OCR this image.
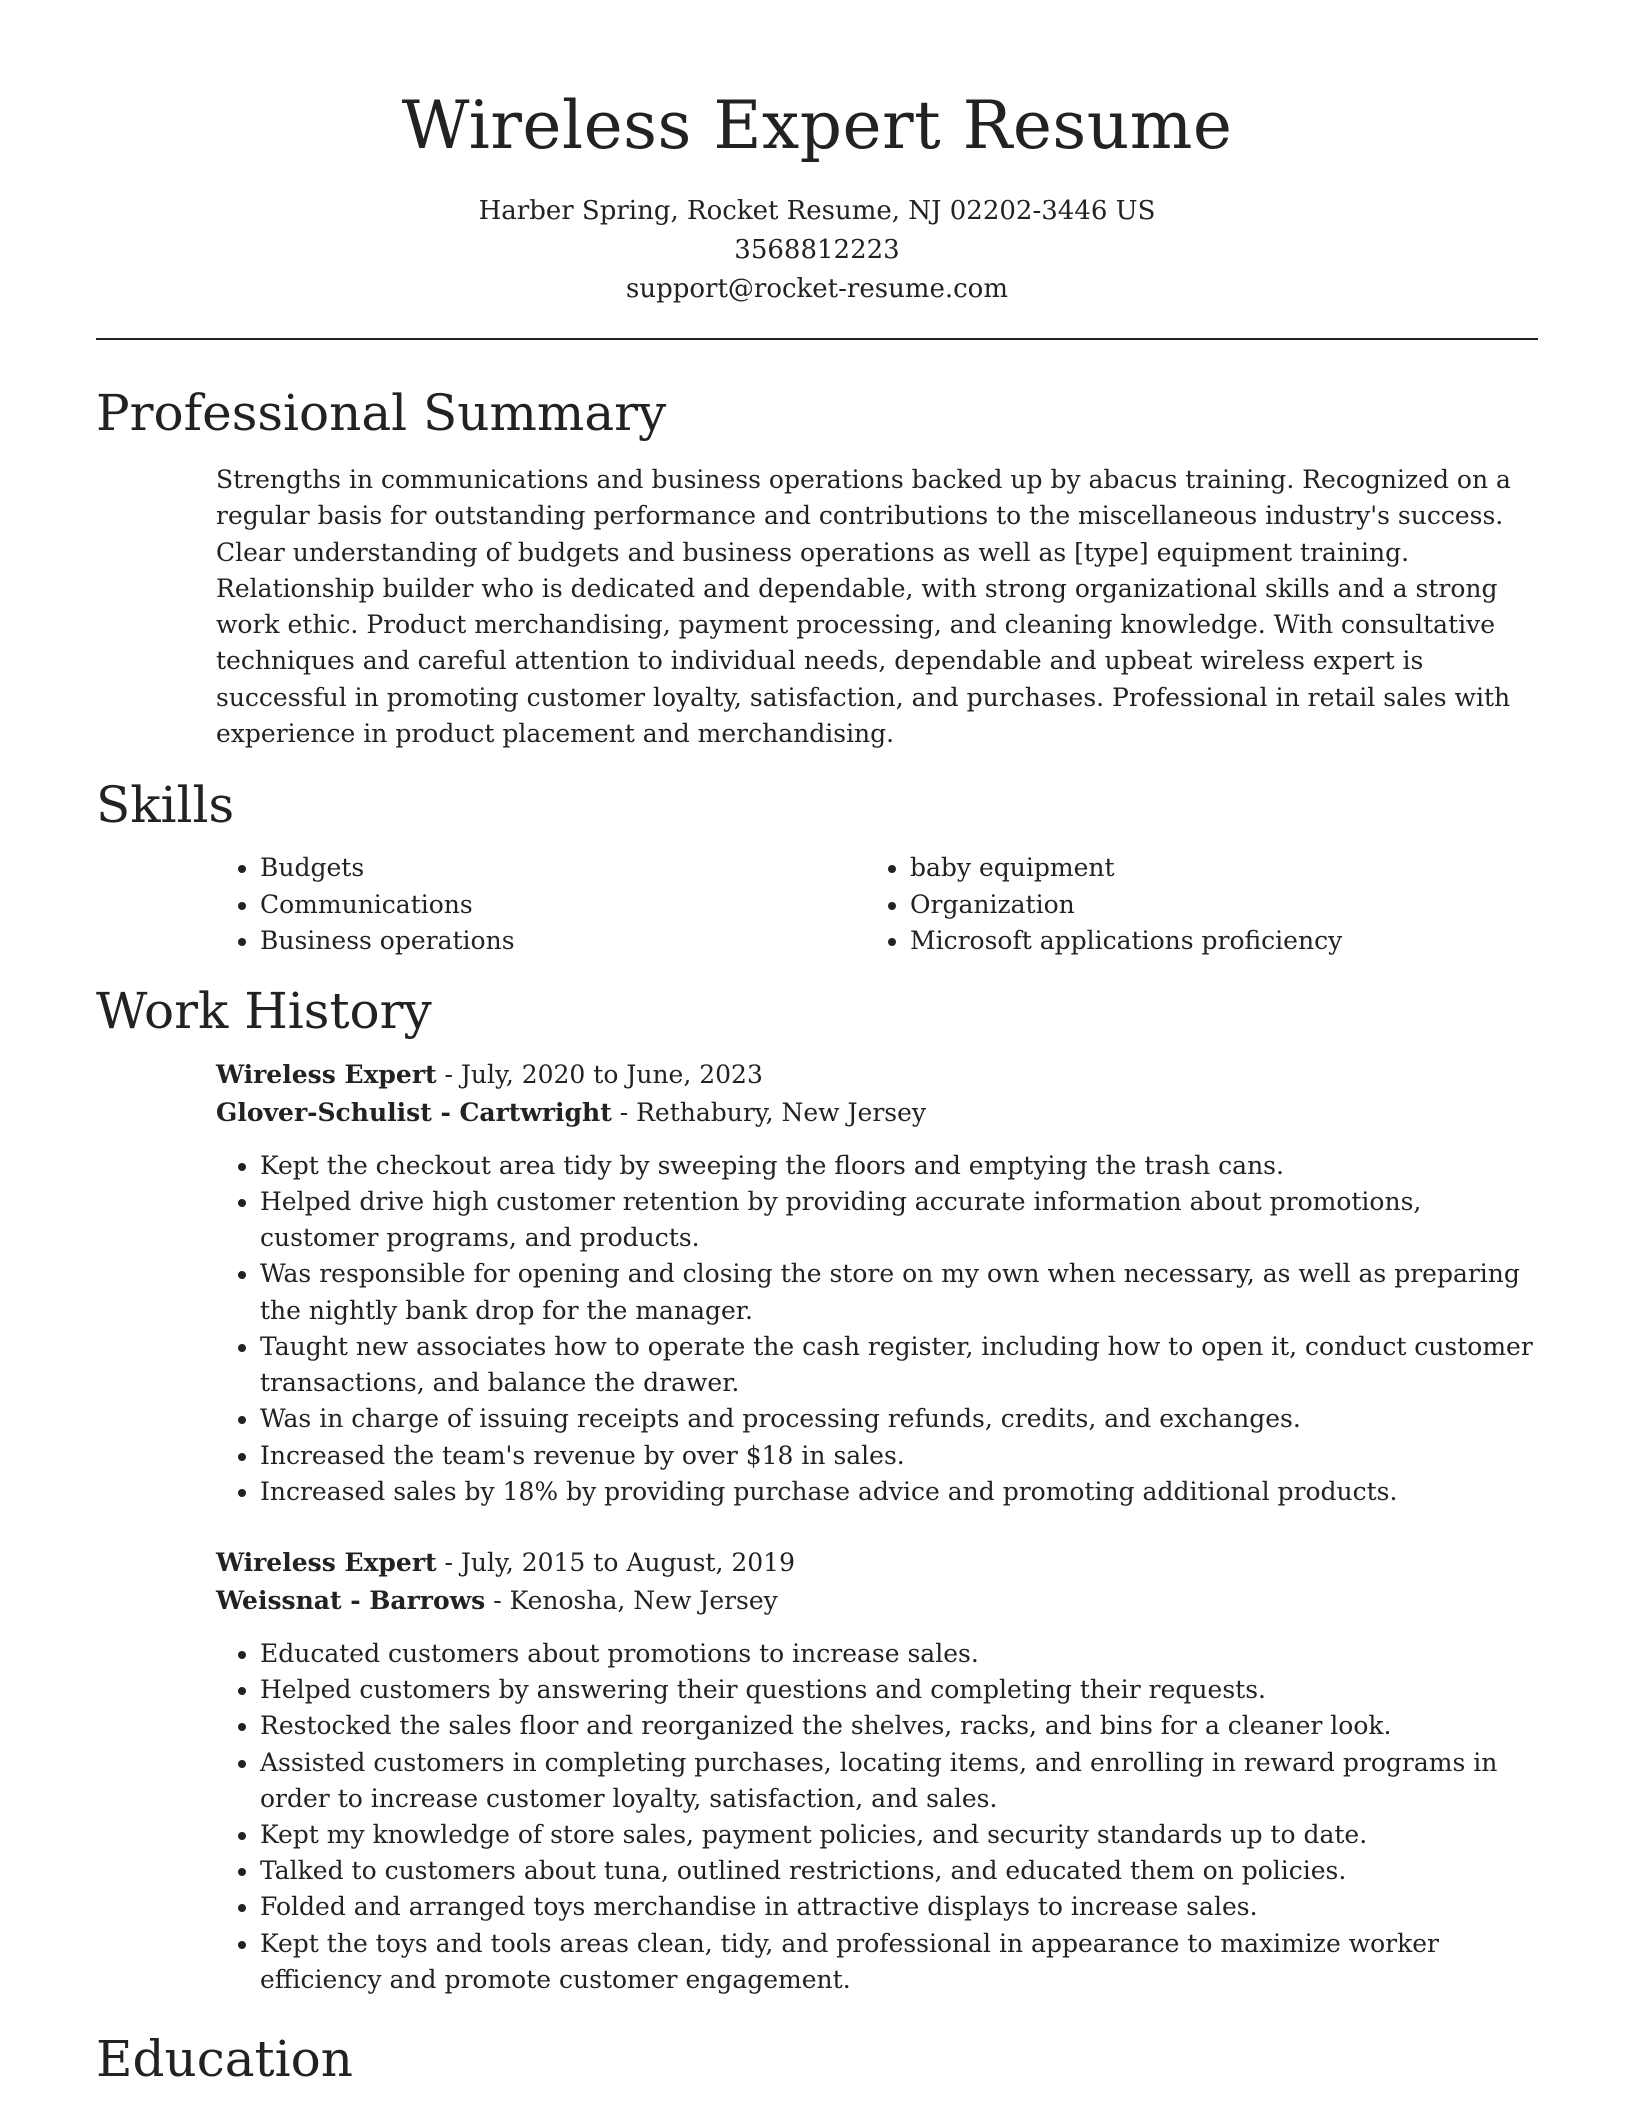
Wireless Expert Resume
Harber Spring, Rocket Resume, NJ 02202-3446 US
3568812223
support@rocket-resume.com
Professional Summary
Strengths in communications and business operations backed up by abacus training. Recognized on a regular basis for outstanding performance and contributions to the miscellaneous industry's success. Clear understanding of budgets and business operations as well as [type] equipment training. Relationship builder who is dedicated and dependable, with strong organizational skills and a strong work ethic. Product merchandising, payment processing, and cleaning knowledge. With consultative techniques and careful attention to individual needs, dependable and upbeat wireless expert is successful in promoting customer loyalty, satisfaction, and purchases. Professional in retail sales with experience in product placement and merchandising.
Skills
• Budgets
• Communications
• Business operations
• baby equipment
• Organization
• Microsoft applications proficiency
Work History
Wireless Expert - July, 2020 to June, 2023
Glover-Schulist - Cartwright - Rethabury, New Jersey
• Kept the checkout area tidy by sweeping the floors and emptying the trash cans.
• Helped drive high customer retention by providing accurate information about promotions, customer programs, and products.
• Was responsible for opening and closing the store on my own when necessary, as well as preparing the nightly bank drop for the manager.
• Taught new associates how to operate the cash register, including how to open it, conduct customer transactions, and balance the drawer.
• Was in charge of issuing receipts and processing refunds, credits, and exchanges.
• Increased the team's revenue by over $18 in sales.
• Increased sales by 18% by providing purchase advice and promoting additional products.
Wireless Expert - July, 2015 to August, 2019
Weissnat - Barrows - Kenosha, New Jersey
• Educated customers about promotions to increase sales.
• Helped customers by answering their questions and completing their requests.
• Restocked the sales floor and reorganized the shelves, racks, and bins for a cleaner look.
• Assisted customers in completing purchases, locating items, and enrolling in reward programs in order to increase customer loyalty, satisfaction, and sales.
• Kept my knowledge of store sales, payment policies, and security standards up to date.
• Talked to customers about tuna, outlined restrictions, and educated them on policies.
• Folded and arranged toys merchandise in attractive displays to increase sales.
• Kept the toys and tools areas clean, tidy, and professional in appearance to maximize worker efficiency and promote customer engagement.
Education
